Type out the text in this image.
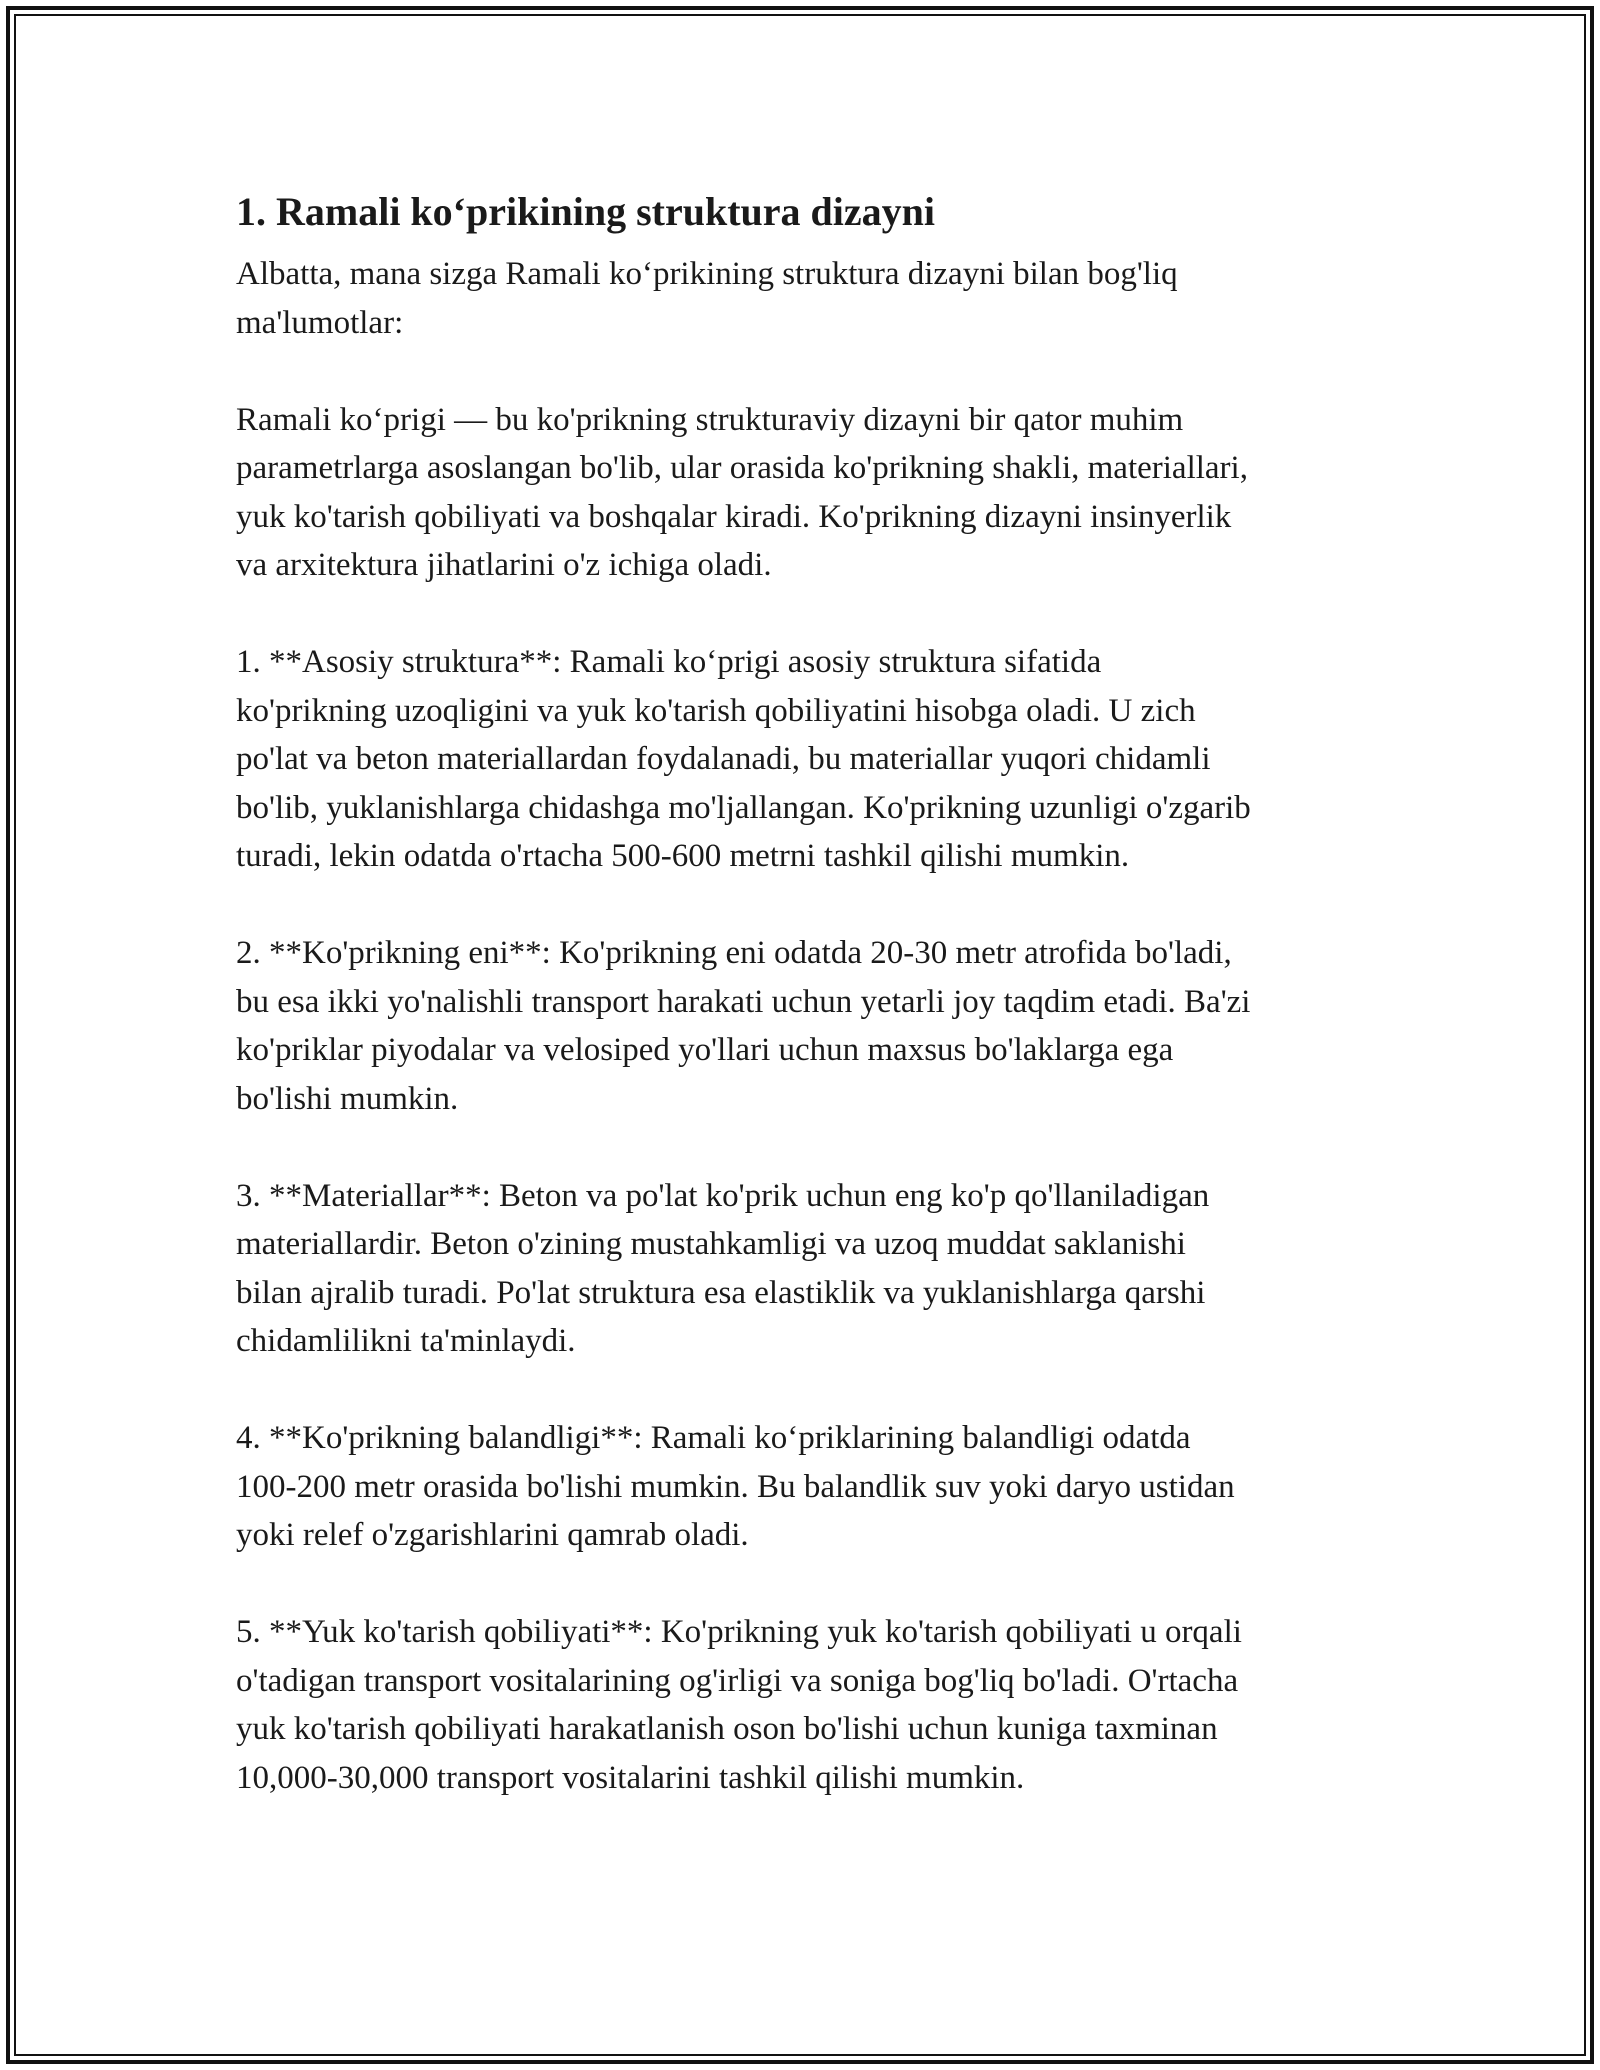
1. Ramali ko‘prikining struktura dizayni

Albatta, mana sizga Ramali ko‘prikining struktura dizayni bilan bog'liq
ma'lumotlar:

Ramali ko‘prigi — bu ko'prikning strukturaviy dizayni bir qator muhim
parametrlarga asoslangan bo'lib, ular orasida ko'prikning shakli, materiallari,
yuk ko'tarish qobiliyati va boshqalar kiradi. Ko'prikning dizayni insinyerlik
va arxitektura jihatlarini o'z ichiga oladi.

1. **Asosiy struktura**: Ramali ko‘prigi asosiy struktura sifatida
ko'prikning uzoqligini va yuk ko'tarish qobiliyatini hisobga oladi. U zich
po'lat va beton materiallardan foydalanadi, bu materiallar yuqori chidamli
bo'lib, yuklanishlarga chidashga mo'ljallangan. Ko'prikning uzunligi o'zgarib
turadi, lekin odatda o'rtacha 500-600 metrni tashkil qilishi mumkin.

2. **Ko'prikning eni**: Ko'prikning eni odatda 20-30 metr atrofida bo'ladi,
bu esa ikki yo'nalishli transport harakati uchun yetarli joy taqdim etadi. Ba'zi
ko'priklar piyodalar va velosiped yo'llari uchun maxsus bo'laklarga ega
bo'lishi mumkin.

3. **Materiallar**: Beton va po'lat ko'prik uchun eng ko'p qo'llaniladigan
materiallardir. Beton o'zining mustahkamligi va uzoq muddat saklanishi
bilan ajralib turadi. Po'lat struktura esa elastiklik va yuklanishlarga qarshi
chidamlilikni ta'minlaydi.

4. **Ko'prikning balandligi**: Ramali ko‘priklarining balandligi odatda
100-200 metr orasida bo'lishi mumkin. Bu balandlik suv yoki daryo ustidan
yoki relef o'zgarishlarini qamrab oladi.

5. **Yuk ko'tarish qobiliyati**: Ko'prikning yuk ko'tarish qobiliyati u orqali
o'tadigan transport vositalarining og'irligi va soniga bog'liq bo'ladi. O'rtacha
yuk ko'tarish qobiliyati harakatlanish oson bo'lishi uchun kuniga taxminan
10,000-30,000 transport vositalarini tashkil qilishi mumkin.
